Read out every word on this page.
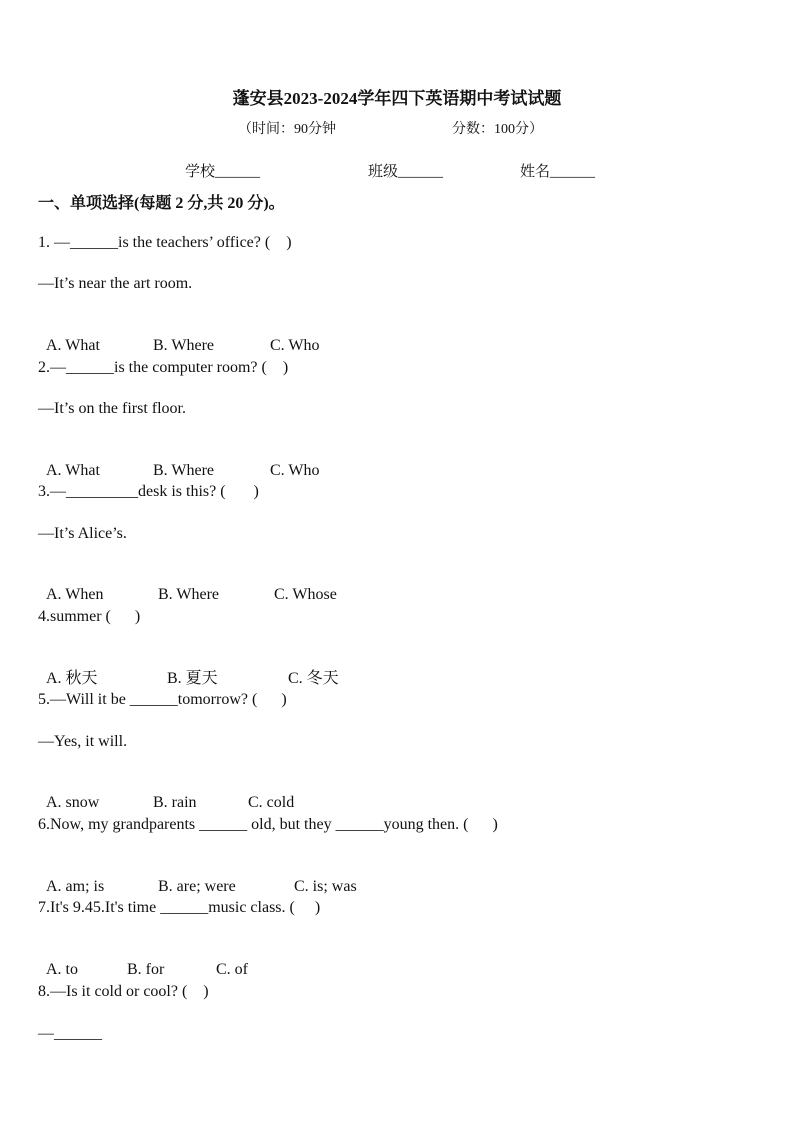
蓬安县2023-2024学年四下英语期中考试试题
（时间：90分钟	分数：100分）
学校______	班级______	姓名______
一、单项选择(每题 2 分,共 20 分)。
1. —______is the teachers’ office? (    )
—It’s near the art room.

A. What	B. Where	C. Who

2.—______is the computer room? (    )
—It’s on the first floor.

A. What	B. Where	C. Who

3.—_________desk is this? (       )
—It’s Alice’s.

A. When	B. Where	C. Whose

4.summer (      )

A. 秋天	B. 夏天	C. 冬天

5.—Will it be ______tomorrow? (      )
—Yes, it will.

A. snow	B. rain	C. cold

6.Now, my grandparents ______ old, but they ______young then. (      )

A. am; is	B. are; were	C. is; was

7.It's 9.45.It's time ______music class. (     )

A. to	B. for	C. of

8.—Is it cold or cool? (    )
—______
